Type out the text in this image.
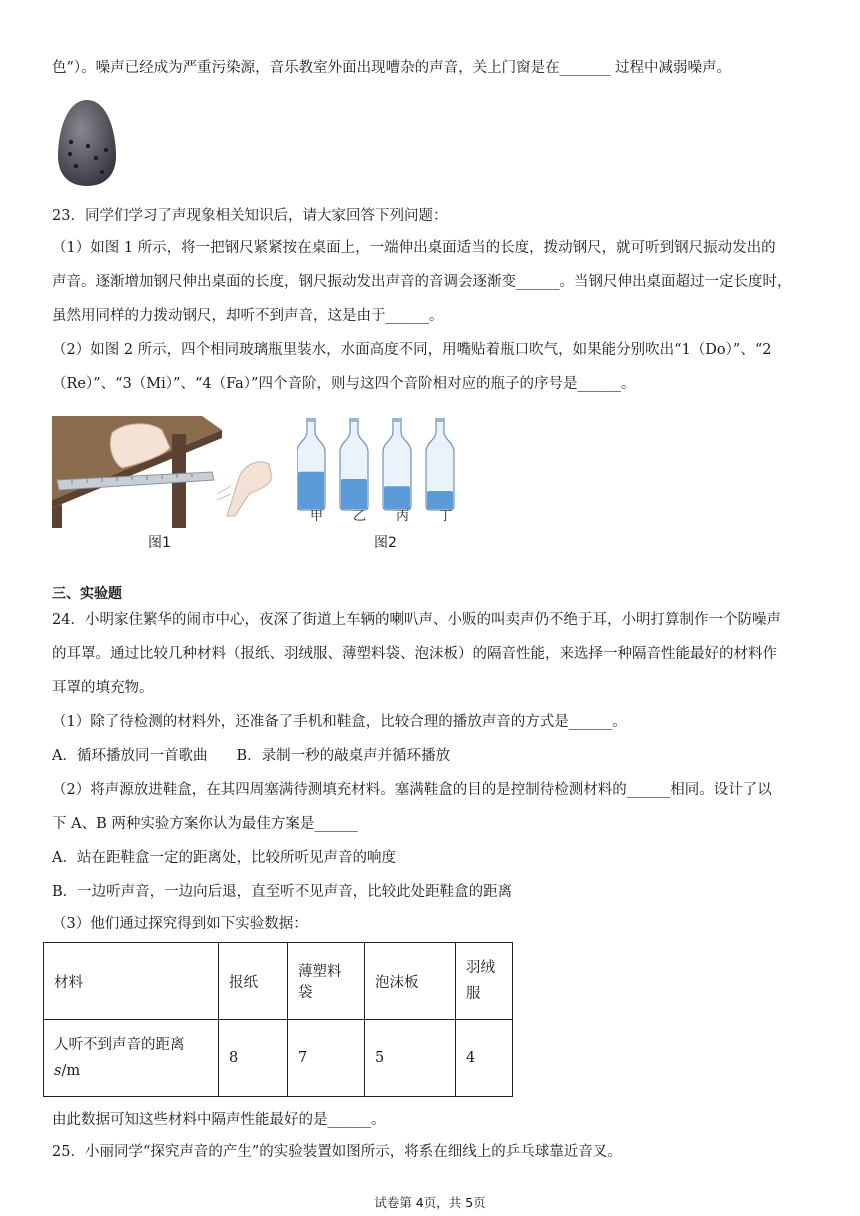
色”）。噪声已经成为严重污染源，音乐教室外面出现嘈杂的声音，关上门窗是在_______ 过程中减弱噪声。
23．同学们学习了声现象相关知识后，请大家回答下列问题：
（1）如图 1 所示，将一把钢尺紧紧按在桌面上，一端伸出桌面适当的长度，拨动钢尺，就可听到钢尺振动发出的
声音。逐渐增加钢尺伸出桌面的长度，钢尺振动发出声音的音调会逐渐变______。当钢尺伸出桌面超过一定长度时，
虽然用同样的力拨动钢尺，却听不到声音，这是由于______。
（2）如图 2 所示，四个相同玻璃瓶里装水，水面高度不同，用嘴贴着瓶口吹气，如果能分别吹出“1（Do）”、“2
（Re）”、“3（Mi）”、“4（Fa）”四个音阶，则与这四个音阶相对应的瓶子的序号是______。
图1
甲 乙 丙 丁
图2
三、实验题
24．小明家住繁华的闹市中心，夜深了街道上车辆的喇叭声、小贩的叫卖声仍不绝于耳，小明打算制作一个防噪声
的耳罩。通过比较几种材料（报纸、羽绒服、薄塑料袋、泡沫板）的隔音性能，来选择一种隔音性能最好的材料作
耳罩的填充物。
（1）除了待检测的材料外，还准备了手机和鞋盒，比较合理的播放声音的方式是______。
A．循环播放同一首歌曲　　B．录制一秒的敲桌声并循环播放
（2）将声源放进鞋盒，在其四周塞满待测填充材料。塞满鞋盒的目的是控制待检测材料的______相同。设计了以
下 A、B 两种实验方案你认为最佳方案是______
A．站在距鞋盒一定的距离处，比较所听见声音的响度
B．一边听声音，一边向后退，直至听不见声音，比较此处距鞋盒的距离
（3）他们通过探究得到如下实验数据：
材料	报纸	薄塑料袋	泡沫板	羽绒服
人听不到声音的距离
s/m	8	7	5	4
由此数据可知这些材料中隔声性能最好的是______。
25．小丽同学“探究声音的产生”的实验装置如图所示，将系在细线上的乒乓球靠近音叉。
试卷第 4页，共 5页
